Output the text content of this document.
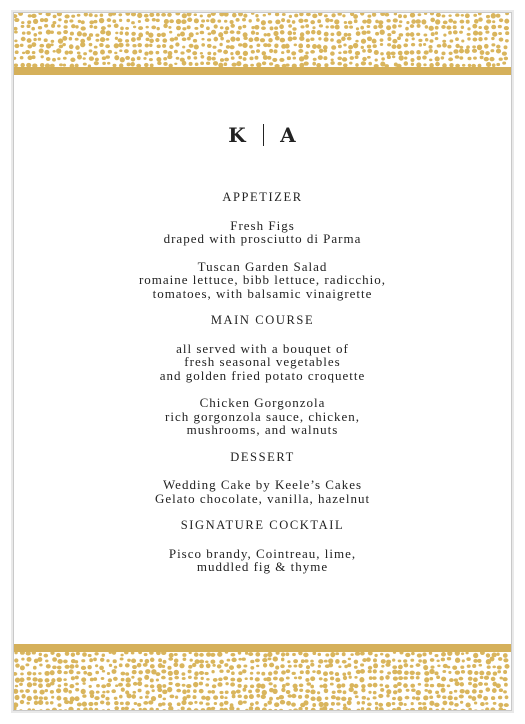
K A

APPETIZER

Fresh Figs

draped with prosciutto di Parma

Tuscan Garden Salad

romaine lettuce, bibb lettuce, radicchio,

tomatoes, with balsamic vinaigrette

MAIN COURSE

all served with a bouquet of

fresh seasonal vegetables

and golden fried potato croquette

Chicken Gorgonzola

rich gorgonzola sauce, chicken,

mushrooms, and walnuts

DESSERT

Wedding Cake by Keele’s Cakes

Gelato chocolate, vanilla, hazelnut

SIGNATURE COCKTAIL

Pisco brandy, Cointreau, lime,

muddled fig & thyme
